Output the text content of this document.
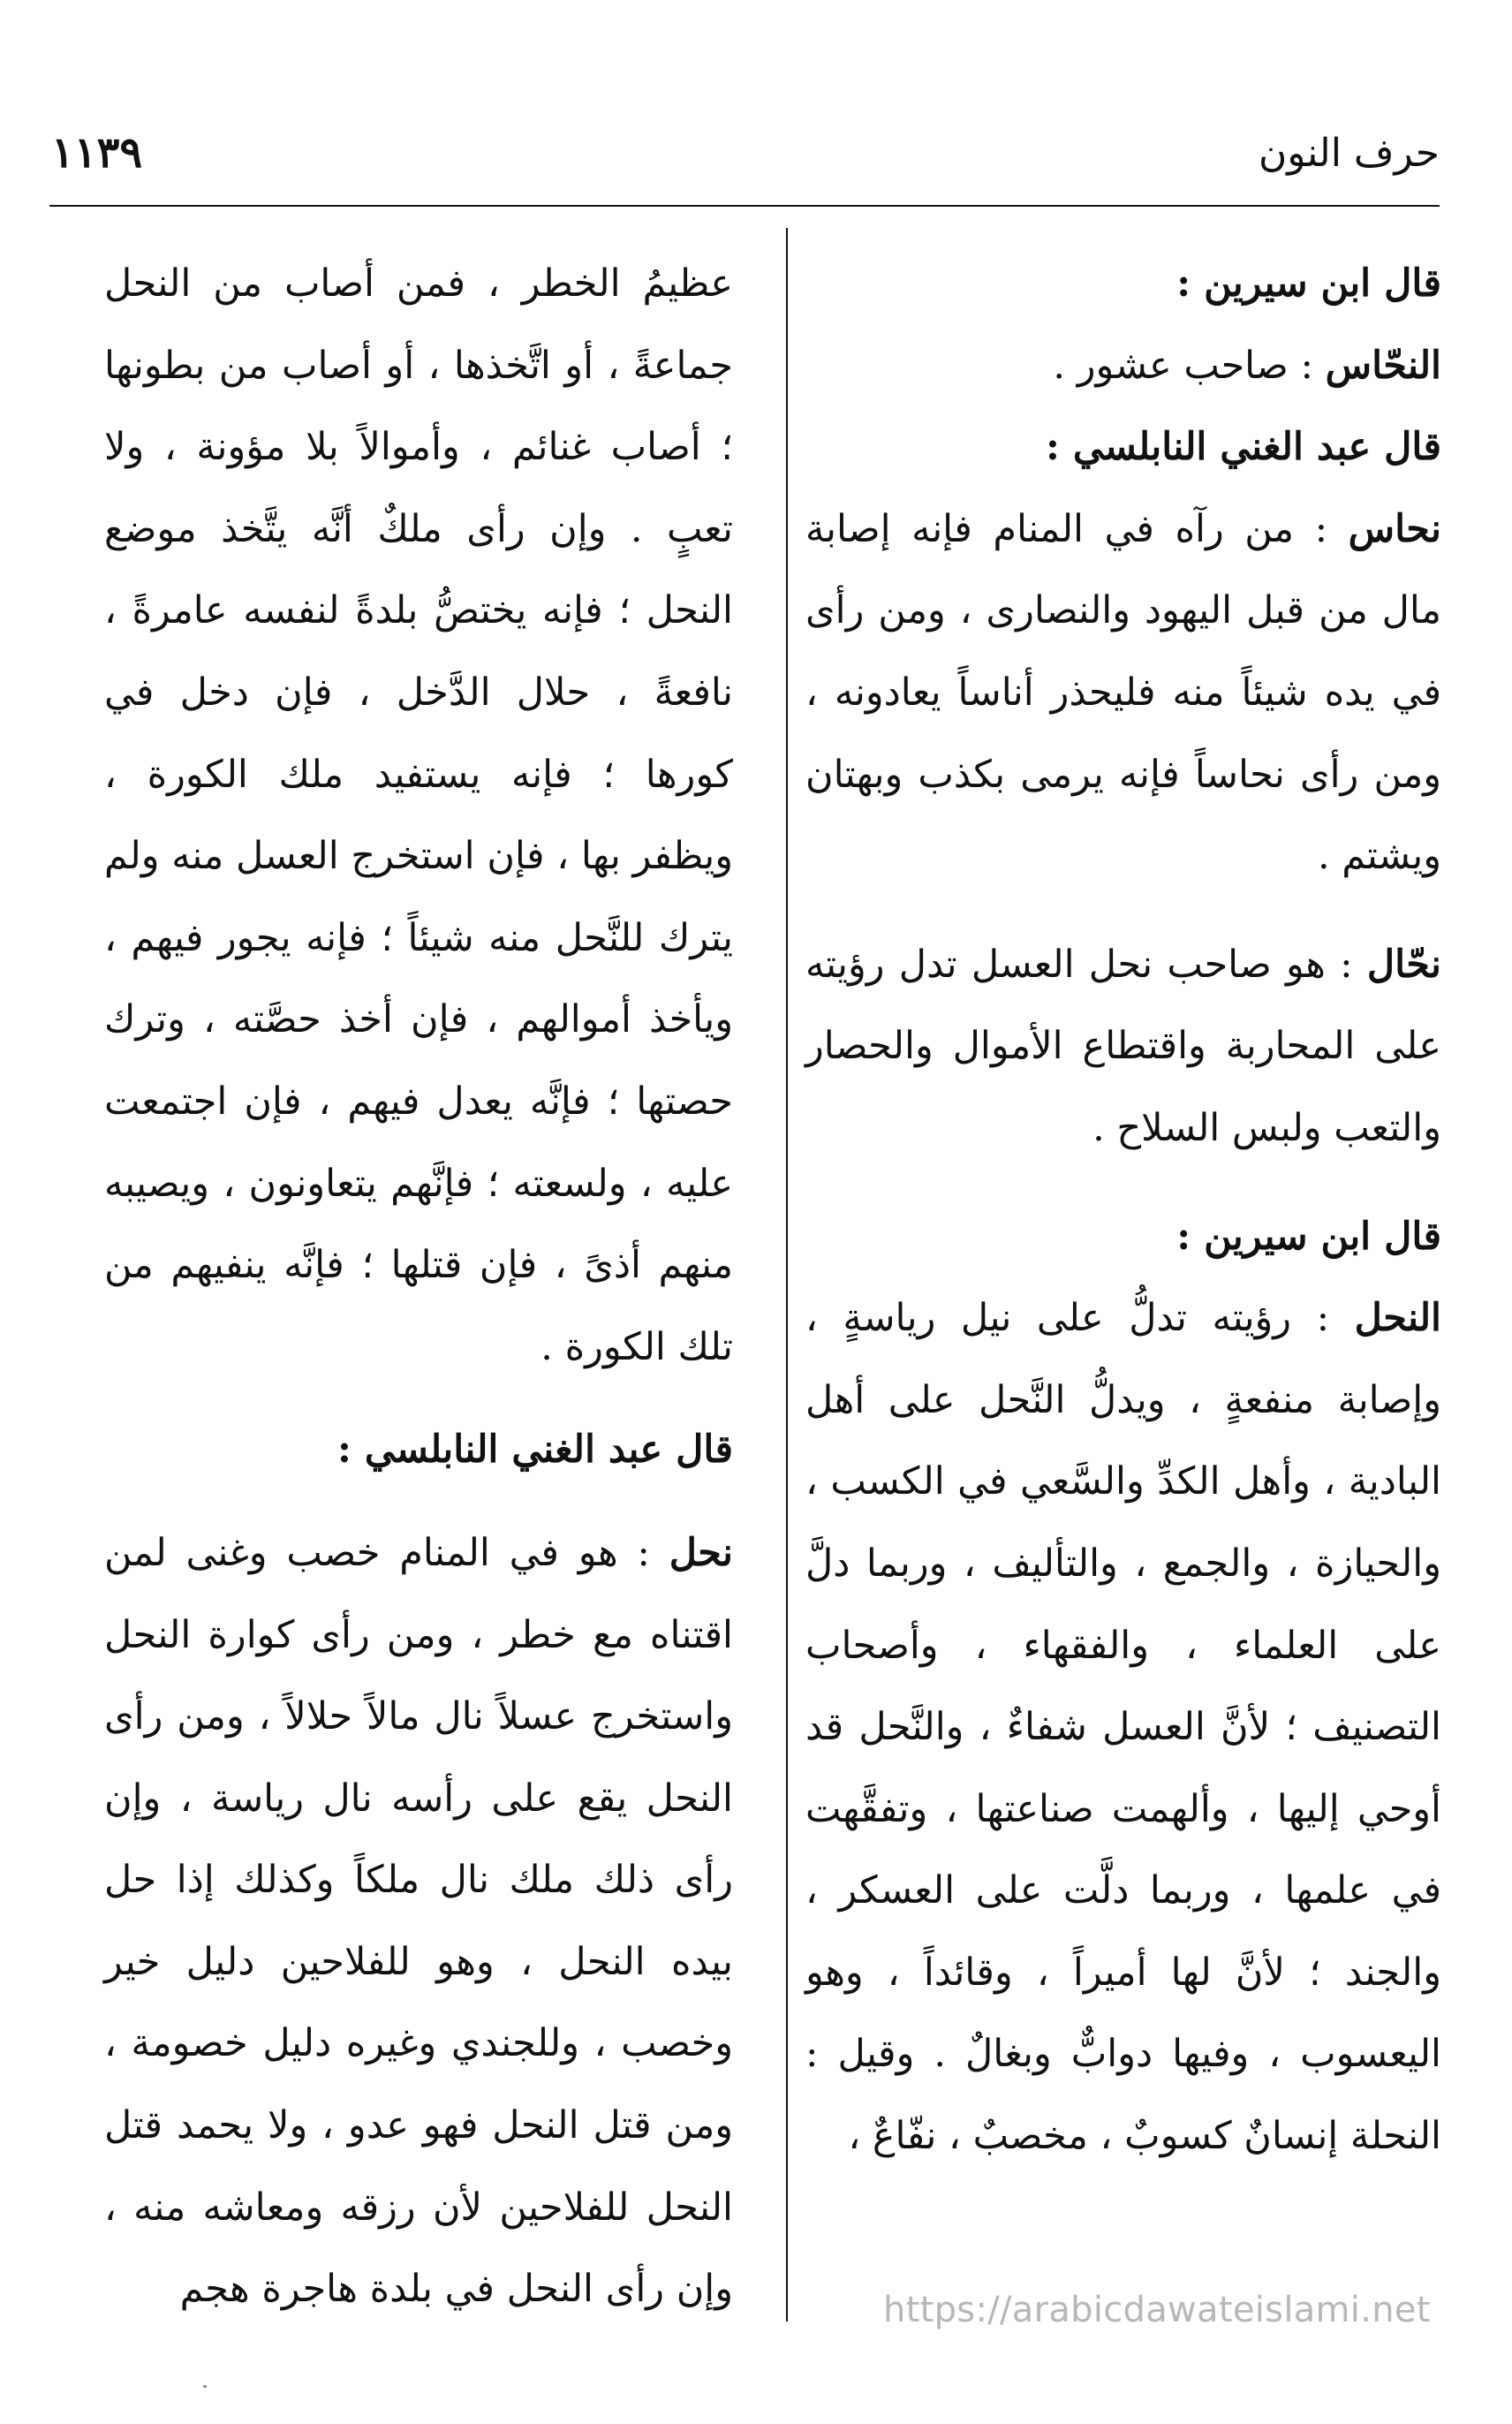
حرف النون
١١٣٩

قال ابن سيرين :

النحّاس : صاحب عشور .

قال عبد الغني النابلسي :

نحاس : من رآه في المنام فإنه إصابة مال من قبل اليهود والنصارى ، ومن رأى في يده شيئاً منه فليحذر أناساً يعادونه ، ومن رأى نحاساً فإنه يرمى بكذب وبهتان ويشتم .

نحّال : هو صاحب نحل العسل تدل رؤيته على المحاربة واقتطاع الأموال والحصار والتعب ولبس السلاح .

قال ابن سيرين :

النحل : رؤيته تدلُّ على نيل رياسةٍ ، وإصابة منفعةٍ ، ويدلُّ النَّحل على أهل البادية ، وأهل الكدِّ والسَّعي في الكسب ، والحيازة ، والجمع ، والتأليف ، وربما دلَّ على العلماء ، والفقهاء ، وأصحاب التصنيف ؛ لأنَّ العسل شفاءٌ ، والنَّحل قد أوحي إليها ، وألهمت صناعتها ، وتفقَّهت في علمها ، وربما دلَّت على العسكر ، والجند ؛ لأنَّ لها أميراً ، وقائداً ، وهو اليعسوب ، وفيها دوابٌّ وبغالٌ . وقيل : النحلة إنسانٌ كسوبٌ ، مخصبٌ ، نفّاعٌ ،

عظيمُ الخطر ، فمن أصاب من النحل جماعةً ، أو اتَّخذها ، أو أصاب من بطونها ؛ أصاب غنائم ، وأموالاً بلا مؤونة ، ولا تعبٍ . وإن رأى ملكٌ أنَّه يتَّخذ موضع النحل ؛ فإنه يختصُّ بلدةً لنفسه عامرةً ، نافعةً ، حلال الدَّخل ، فإن دخل في كورها ؛ فإنه يستفيد ملك الكورة ، ويظفر بها ، فإن استخرج العسل منه ولم يترك للنَّحل منه شيئاً ؛ فإنه يجور فيهم ، ويأخذ أموالهم ، فإن أخذ حصَّته ، وترك حصتها ؛ فإنَّه يعدل فيهم ، فإن اجتمعت عليه ، ولسعته ؛ فإنَّهم يتعاونون ، ويصيبه منهم أذىً ، فإن قتلها ؛ فإنَّه ينفيهم من تلك الكورة .

قال عبد الغني النابلسي :

نحل : هو في المنام خصب وغنى لمن اقتناه مع خطر ، ومن رأى كوارة النحل واستخرج عسلاً نال مالاً حلالاً ، ومن رأى النحل يقع على رأسه نال رياسة ، وإن رأى ذلك ملك نال ملكاً وكذلك إذا حل بيده النحل ، وهو للفلاحين دليل خير وخصب ، وللجندي وغيره دليل خصومة ، ومن قتل النحل فهو عدو ، ولا يحمد قتل النحل للفلاحين لأن رزقه ومعاشه منه ، وإن رأى النحل في بلدة هاجرة هجم	https://arabicdawateislami.net
